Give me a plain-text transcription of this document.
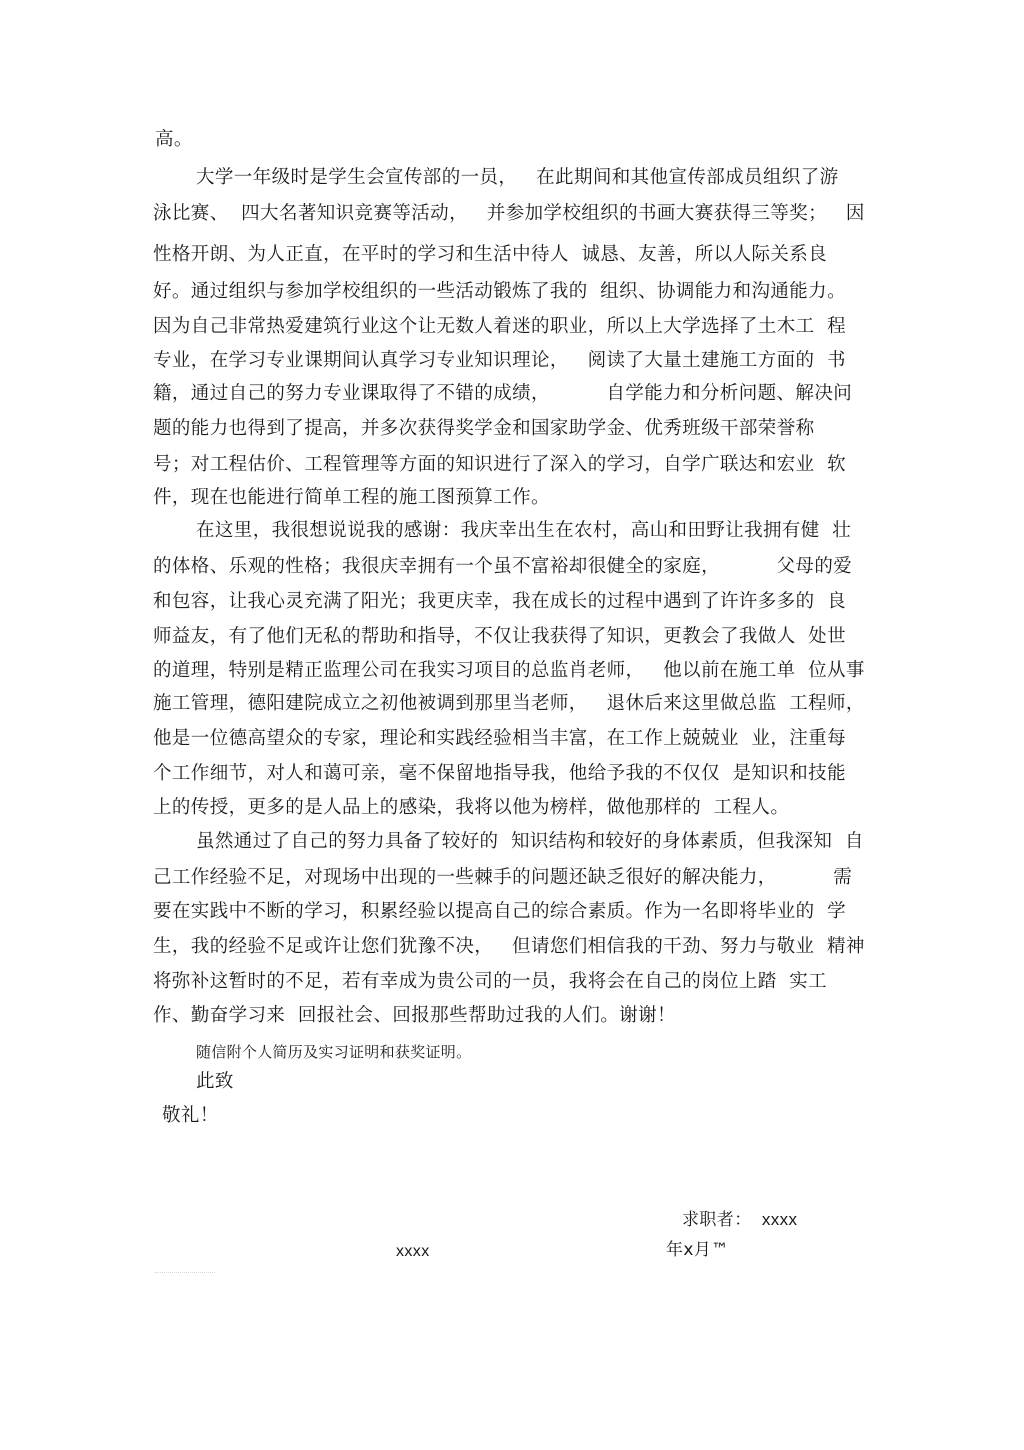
高。
大学一年级时是学生会宣传部的一员，   在此期间和其他宣传部成员组织了游
泳比赛、  四大名著知识竞赛等活动，   并参加学校组织的书画大赛获得三等奖；   因
性格开朗、为人正直，在平时的学习和生活中待人  诚恳、友善，所以人际关系良
好。通过组织与参加学校组织的一些活动锻炼了我的  组织、协调能力和沟通能力。
因为自己非常热爱建筑行业这个让无数人着迷的职业，所以上大学选择了土木工  程
专业，在学习专业课期间认真学习专业知识理论，   阅读了大量土建施工方面的  书
籍，通过自己的努力专业课取得了不错的成绩，         自学能力和分析问题、解决问
题的能力也得到了提高，并多次获得奖学金和国家助学金、优秀班级干部荣誉称
号；对工程估价、工程管理等方面的知识进行了深入的学习，自学广联达和宏业  软
件，现在也能进行简单工程的施工图预算工作。
在这里，我很想说说我的感谢：我庆幸出生在农村，高山和田野让我拥有健  壮
的体格、乐观的性格；我很庆幸拥有一个虽不富裕却很健全的家庭，         父母的爱
和包容，让我心灵充满了阳光；我更庆幸，我在成长的过程中遇到了许许多多的  良
师益友，有了他们无私的帮助和指导，不仅让我获得了知识，更教会了我做人  处世
的道理，特别是精正监理公司在我实习项目的总监肖老师，   他以前在施工单  位从事
施工管理，德阳建院成立之初他被调到那里当老师，   退休后来这里做总监  工程师，
他是一位德高望众的专家，理论和实践经验相当丰富，在工作上兢兢业  业，注重每
个工作细节，对人和蔼可亲，毫不保留地指导我，他给予我的不仅仅  是知识和技能
上的传授，更多的是人品上的感染，我将以他为榜样，做他那样的  工程人。
虽然通过了自己的努力具备了较好的  知识结构和较好的身体素质，但我深知  自
己工作经验不足，对现场中出现的一些棘手的问题还缺乏很好的解决能力，         需
要在实践中不断的学习，积累经验以提高自己的综合素质。作为一名即将毕业的  学
生，我的经验不足或许让您们犹豫不决，   但请您们相信我的干劲、努力与敬业  精神
将弥补这暂时的不足，若有幸成为贵公司的一员，我将会在自己的岗位上踏  实工
作、勤奋学习来  回报社会、回报那些帮助过我的人们。谢谢！
随信附个人简历及实习证明和获奖证明。
此致
敬礼！
求职者：  xxxx
xxxx	年x月™
